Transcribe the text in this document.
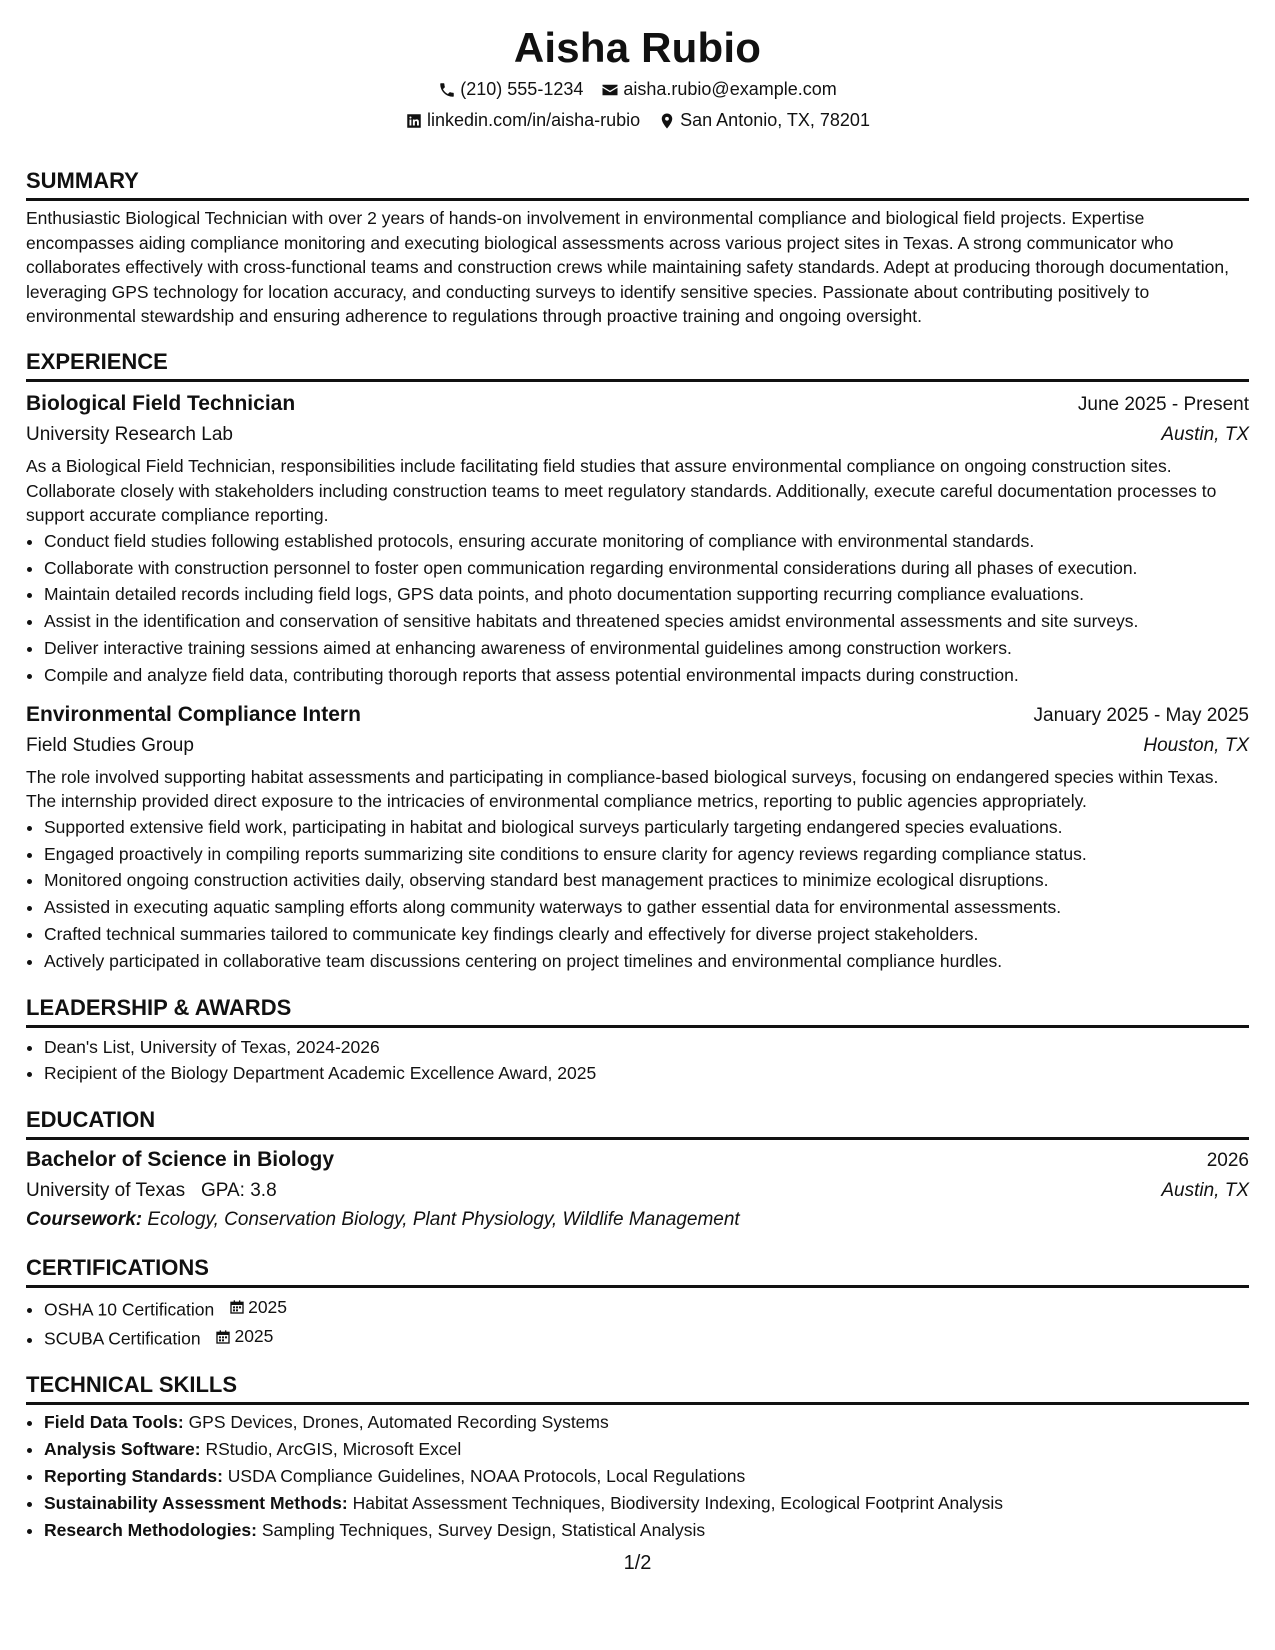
Aisha Rubio
(210) 555-1234 aisha.rubio@example.com
linkedin.com/in/aisha-rubio San Antonio, TX, 78201
SUMMARY

Enthusiastic Biological Technician with over 2 years of hands-on involvement in environmental compliance and biological field projects. Expertise encompasses aiding compliance monitoring and executing biological assessments across various project sites in Texas. A strong communicator who collaborates effectively with cross-functional teams and construction crews while maintaining safety standards. Adept at producing thorough documentation, leveraging GPS technology for location accuracy, and conducting surveys to identify sensitive species. Passionate about contributing positively to environmental stewardship and ensuring adherence to regulations through proactive training and ongoing oversight.

EXPERIENCE
Biological Field Technician	June 2025 - Present
University Research Lab	Austin, TX

As a Biological Field Technician, responsibilities include facilitating field studies that assure environmental compliance on ongoing construction sites. Collaborate closely with stakeholders including construction teams to meet regulatory standards. Additionally, execute careful documentation processes to support accurate compliance reporting.

• Conduct field studies following established protocols, ensuring accurate monitoring of compliance with environmental standards.
• Collaborate with construction personnel to foster open communication regarding environmental considerations during all phases of execution.
• Maintain detailed records including field logs, GPS data points, and photo documentation supporting recurring compliance evaluations.
• Assist in the identification and conservation of sensitive habitats and threatened species amidst environmental assessments and site surveys.
• Deliver interactive training sessions aimed at enhancing awareness of environmental guidelines among construction workers.
• Compile and analyze field data, contributing thorough reports that assess potential environmental impacts during construction.
Environmental Compliance Intern	January 2025 - May 2025
Field Studies Group	Houston, TX

The role involved supporting habitat assessments and participating in compliance-based biological surveys, focusing on endangered species within Texas. The internship provided direct exposure to the intricacies of environmental compliance metrics, reporting to public agencies appropriately.

• Supported extensive field work, participating in habitat and biological surveys particularly targeting endangered species evaluations.
• Engaged proactively in compiling reports summarizing site conditions to ensure clarity for agency reviews regarding compliance status.
• Monitored ongoing construction activities daily, observing standard best management practices to minimize ecological disruptions.
• Assisted in executing aquatic sampling efforts along community waterways to gather essential data for environmental assessments.
• Crafted technical summaries tailored to communicate key findings clearly and effectively for diverse project stakeholders.
• Actively participated in collaborative team discussions centering on project timelines and environmental compliance hurdles.
LEADERSHIP & AWARDS
• Dean's List, University of Texas, 2024-2026
• Recipient of the Biology Department Academic Excellence Award, 2025
EDUCATION
Bachelor of Science in Biology	2026
University of Texas GPA: 3.8	Austin, TX
Coursework: Ecology, Conservation Biology, Plant Physiology, Wildlife Management
CERTIFICATIONS
• OSHA 10 Certification 2025
• SCUBA Certification 2025
TECHNICAL SKILLS
• Field Data Tools: GPS Devices, Drones, Automated Recording Systems
• Analysis Software: RStudio, ArcGIS, Microsoft Excel
• Reporting Standards: USDA Compliance Guidelines, NOAA Protocols, Local Regulations
• Sustainability Assessment Methods: Habitat Assessment Techniques, Biodiversity Indexing, Ecological Footprint Analysis
• Research Methodologies: Sampling Techniques, Survey Design, Statistical Analysis
1/2
